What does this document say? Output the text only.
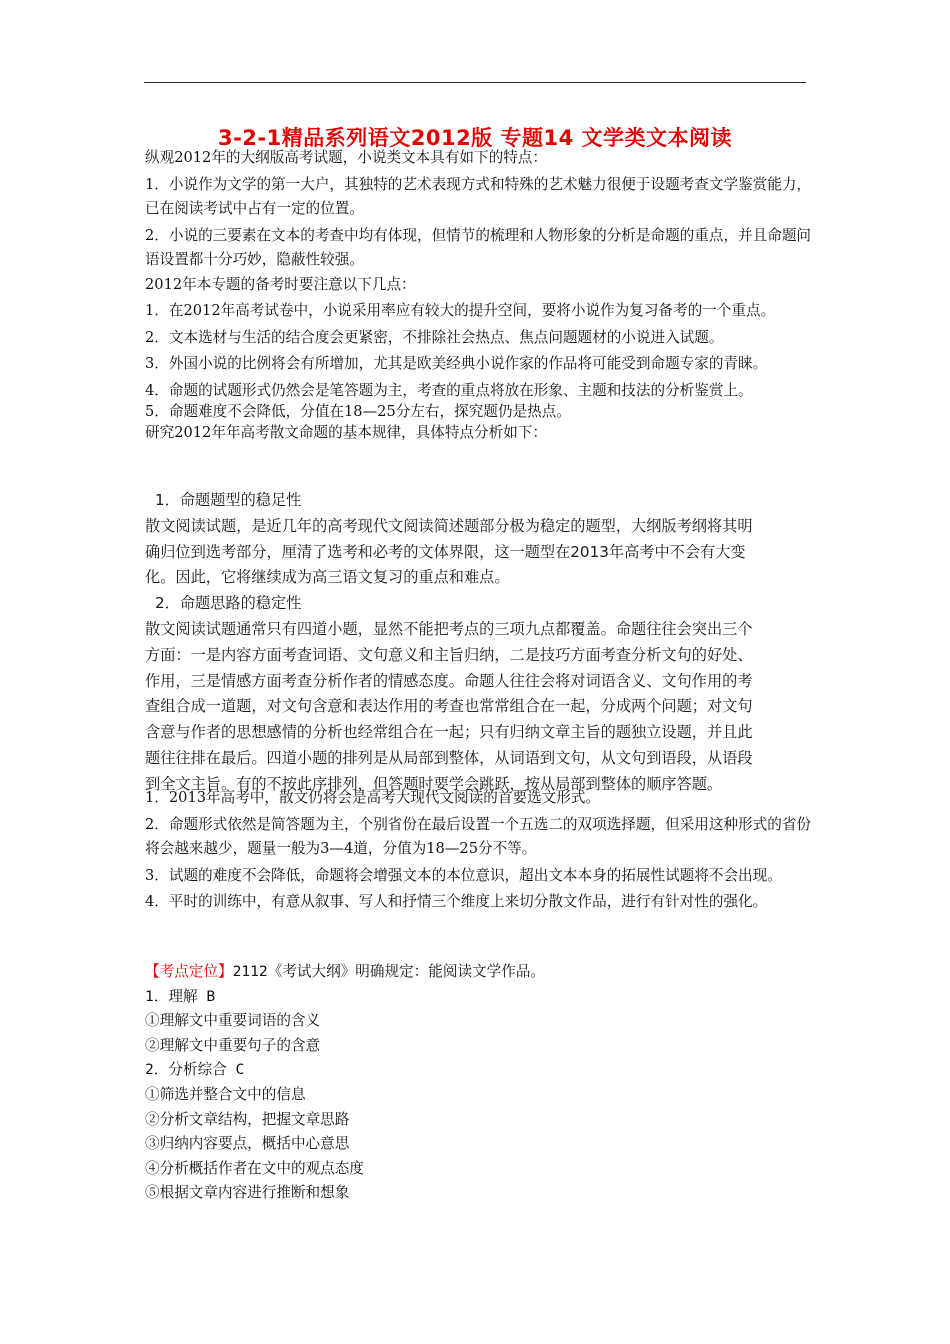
3-2-1精品系列语文2012版 专题14 文学类文本阅读
纵观2012年的大纲版高考试题，小说类文本具有如下的特点：
1．小说作为文学的第一大户，其独特的艺术表现方式和特殊的艺术魅力很便于设题考查文学鉴赏能力，已在阅读考试中占有一定的位置。
2．小说的三要素在文本的考查中均有体现，但情节的梳理和人物形象的分析是命题的重点，并且命题问语设置都十分巧妙，隐蔽性较强。
2012年本专题的备考时要注意以下几点：
1．在2012年高考试卷中，小说采用率应有较大的提升空间，要将小说作为复习备考的一个重点。
2．文本选材与生活的结合度会更紧密，不排除社会热点、焦点问题题材的小说进入试题。
3．外国小说的比例将会有所增加，尤其是欧美经典小说作家的作品将可能受到命题专家的青睐。
4．命题的试题形式仍然会是笔答题为主，考查的重点将放在形象、主题和技法的分析鉴赏上。
5．命题难度不会降低，分值在18—25分左右，探究题仍是热点。
研究2012年年高考散文命题的基本规律，具体特点分析如下：
1．命题题型的稳足性
散文阅读试题，是近几年的高考现代文阅读简述题部分极为稳定的题型，大纲版考纲将其明
确归位到选考部分，厘清了选考和必考的文体界限，这一题型在2013年高考中不会有大变
化。因此，它将继续成为高三语文复习的重点和难点。
2．命题思路的稳定性
散文阅读试题通常只有四道小题，显然不能把考点的三项九点都覆盖。命题往往会突出三个
方面：一是内容方面考查词语、文句意义和主旨归纳，二是技巧方面考查分析文句的好处、
作用，三是情感方面考查分析作者的情感态度。命题人往往会将对词语含义、文句作用的考
查组合成一道题，对文句含意和表达作用的考查也常常组合在一起，分成两个问题；对文句
含意与作者的思想感情的分析也经常组合在一起；只有归纳文章主旨的题独立设题，并且此
题往往排在最后。四道小题的排列是从局部到整体，从词语到文句，从文句到语段，从语段
到全文主旨。有的不按此序排列，但答题时要学会跳跃，按从局部到整体的顺序答题。
1．2013年高考中，散文仍将会是高考大现代文阅读的首要选文形式。
2．命题形式依然是简答题为主，个别省份在最后设置一个五选二的双项选择题，但采用这种形式的省份将会越来越少，题量一般为3—4道，分值为18—25分不等。
3．试题的难度不会降低，命题将会增强文本的本位意识，超出文本本身的拓展性试题将不会出现。
4．平时的训练中，有意从叙事、写人和抒情三个维度上来切分散文作品，进行有针对性的强化。
【考点定位】2112《考试大纲》明确规定：能阅读文学作品。
1．理解 B
①理解文中重要词语的含义
②理解文中重要句子的含意
2．分析综合 C
①筛选并整合文中的信息
②分析文章结构，把握文章思路
③归纳内容要点，概括中心意思
④分析概括作者在文中的观点态度
⑤根据文章内容进行推断和想象
